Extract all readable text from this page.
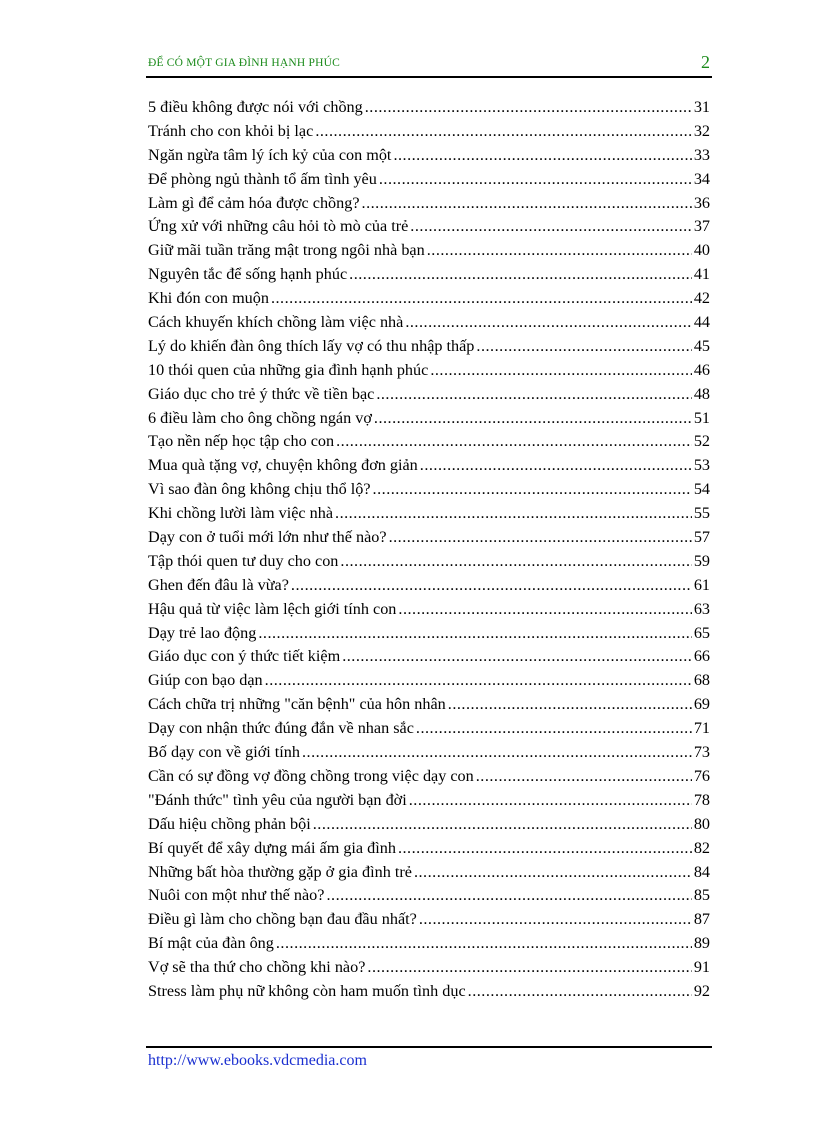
ĐỂ CÓ MỘT GIA ĐÌNH HẠNH PHÚC	2
5 điều không được nói với chồng .....	31
Tránh cho con khỏi bị lạc .....	32
Ngăn ngừa tâm lý ích kỷ của con một .....	33
Để phòng ngủ thành tổ ấm tình yêu .....	34
Làm gì để cảm hóa được chồng? .....	36
Ứng xử với những câu hỏi tò mò của trẻ .....	37
Giữ mãi tuần trăng mật trong ngôi nhà bạn .....	40
Nguyên tắc để sống hạnh phúc .....	41
Khi đón con muộn .....	42
Cách khuyến khích chồng làm việc nhà .....	44
Lý do khiến đàn ông thích lấy vợ có thu nhập thấp .....	45
10 thói quen của những gia đình hạnh phúc .....	46
Giáo dục cho trẻ ý thức về tiền bạc .....	48
6 điều làm cho ông chồng ngán vợ .....	51
Tạo nền nếp học tập cho con .....	52
Mua quà tặng vợ, chuyện không đơn giản .....	53
Vì sao đàn ông không chịu thổ lộ? .....	54
Khi chồng lười làm việc nhà .....	55
Dạy con ở tuổi mới lớn như thế nào? .....	57
Tập thói quen tư duy cho con .....	59
Ghen đến đâu là vừa? .....	61
Hậu quả từ việc làm lệch giới tính con .....	63
Dạy trẻ lao động .....	65
Giáo dục con ý thức tiết kiệm .....	66
Giúp con bạo dạn .....	68
Cách chữa trị những "căn bệnh" của hôn nhân .....	69
Dạy con nhận thức đúng đắn về nhan sắc .....	71
Bố dạy con về giới tính .....	73
Cần có sự đồng vợ đồng chồng trong việc dạy con .....	76
"Đánh thức" tình yêu của người bạn đời .....	78
Dấu hiệu chồng phản bội .....	80
Bí quyết để xây dựng mái ấm gia đình .....	82
Những bất hòa thường gặp ở gia đình trẻ .....	84
Nuôi con một như thế nào? .....	85
Điều gì làm cho chồng bạn đau đầu nhất? .....	87
Bí mật của đàn ông .....	89
Vợ sẽ tha thứ cho chồng khi nào? .....	91
Stress làm phụ nữ không còn ham muốn tình dục .....	92
http://www.ebooks.vdcmedia.com
